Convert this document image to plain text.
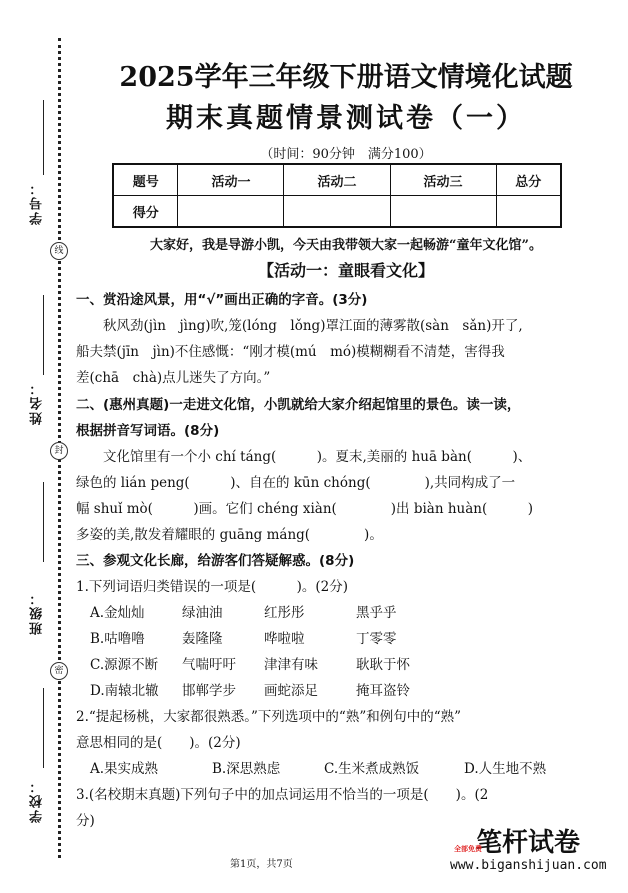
线
封
密
学号：
姓名：
班级：
学校：
2025学年三年级下册语文情境化试题
期末真题情景测试卷（一）
（时间：90分钟　满分100）
题号	活动一	活动二	活动三	总分
得分				
大家好，我是导游小凯，今天由我带领大家一起畅游“童年文化馆”。
【活动一：童眼看文化】
一、赏沿途风景，用“√”画出正确的字音。(3分)
秋风劲(jìn　jìng)吹,笼(lóng　lǒng)罩江面的薄雾散(sàn　sǎn)开了,
船夫禁(jīn　jìn)不住感慨：“刚才模(mú　mó)模糊糊看不清楚，害得我
差(chā　chà)点儿迷失了方向。”
二、(惠州真题)一走进文化馆，小凯就给大家介绍起馆里的景色。读一读，
根据拼音写词语。(8分)
文化馆里有一个小 chí táng(　　　)。夏末,美丽的 huā bàn(　　　)、
绿色的 lián peng(　　　)、自在的 kūn chóng(　　　　),共同构成了一
幅 shuǐ mò(　　　)画。它们 chéng xiàn(　　　　)出 biàn huàn(　　　)
多姿的美,散发着耀眼的 guāng máng(　　　　)。
三、参观文化长廊，给游客们答疑解惑。(8分)
1.下列词语归类错误的一项是(　　　)。(2分)
A.金灿灿	绿油油	红彤彤	黑乎乎
B.咕噜噜	轰隆隆	哗啦啦	丁零零
C.源源不断	气喘吁吁	津津有味	耿耿于怀
D.南辕北辙	邯郸学步	画蛇添足	掩耳盗铃
2.“提起杨桃，大家都很熟悉。”下列选项中的“熟”和例句中的“熟”
意思相同的是(　　)。(2分)
A.果实成熟	B.深思熟虑	C.生米煮成熟饭	D.人生地不熟
3.(名校期末真题)下列句子中的加点词运用不恰当的一项是(　　)。(2
分)
第1页，共7页
全部免费
笔杆试卷
www.biganshijuan.com
